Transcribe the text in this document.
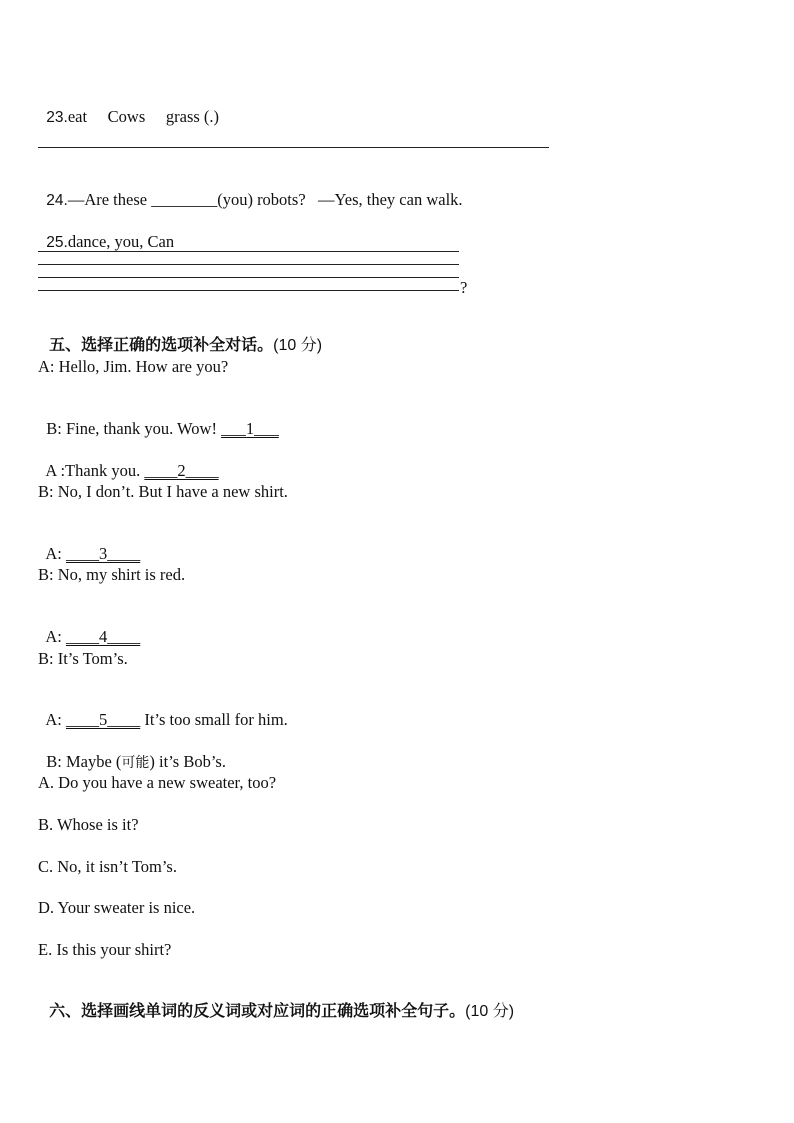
23.eat     Cows     grass (.)

24.—Are these ________(you) robots?   —Yes, they can walk.

25.dance, you, Can

?

五、选择正确的选项补全对话。(10 分)

A: Hello, Jim. How are you?

B: Fine, thank you. Wow! ___1___

A :Thank you. ____2____

B: No, I don’t. But I have a new shirt.

A: ____3____

B: No, my shirt is red.

A: ____4____

B: It’s Tom’s.

A: ____5____ It’s too small for him.

B: Maybe (可能) it’s Bob’s.

A. Do you have a new sweater, too?
B. Whose is it?
C. No, it isn’t Tom’s.
D. Your sweater is nice.
E. Is this your shirt?

六、选择画线单词的反义词或对应词的正确选项补全句子。(10 分)
